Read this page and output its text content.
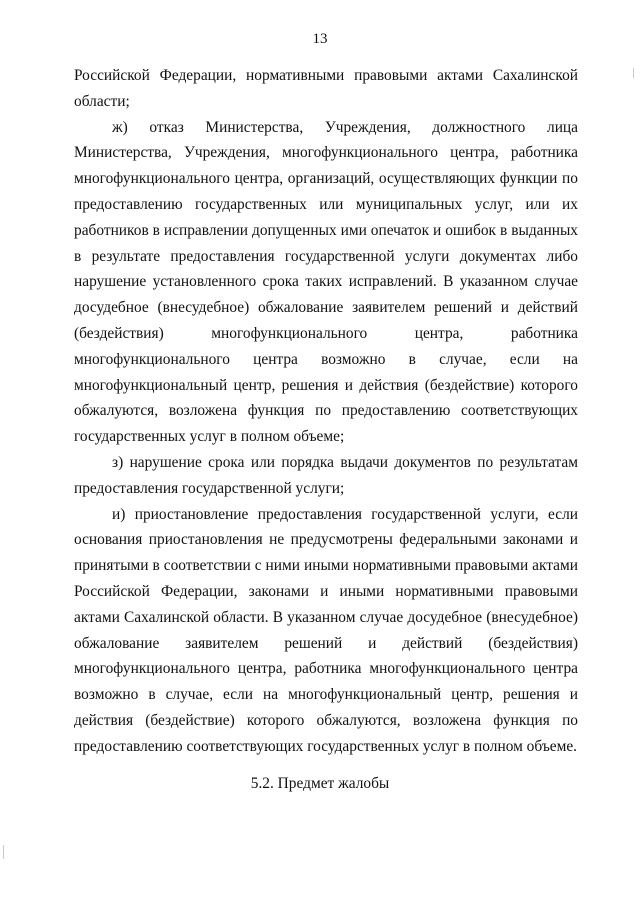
13

Российской Федерации, нормативными правовыми актами Сахалинской области;

ж) отказ Министерства, Учреждения, должностного лица Министерства, Учреждения, многофункционального центра, работника многофункционального центра, организаций, осуществляющих функции по предоставлению государственных или муниципальных услуг, или их работников в исправлении допущенных ими опечаток и ошибок в выданных в результате предоставления государственной услуги документах либо нарушение установленного срока таких исправлений. В указанном случае досудебное (внесудебное) обжалование заявителем решений и действий (бездействия) многофункционального центра, работника многофункционального центра возможно в случае, если на многофункциональный центр, решения и действия (бездействие) которого обжалуются, возложена функция по предоставлению соответствующих государственных услуг в полном объеме;

з) нарушение срока или порядка выдачи документов по результатам предоставления государственной услуги;

и) приостановление предоставления государственной услуги, если основания приостановления не предусмотрены федеральными законами и принятыми в соответствии с ними иными нормативными правовыми актами Российской Федерации, законами и иными нормативными правовыми актами Сахалинской области. В указанном случае досудебное (внесудебное) обжалование заявителем решений и действий (бездействия) многофункционального центра, работника многофункционального центра возможно в случае, если на многофункциональный центр, решения и действия (бездействие) которого обжалуются, возложена функция по предоставлению соответствующих государственных услуг в полном объеме.

5.2. Предмет жалобы
